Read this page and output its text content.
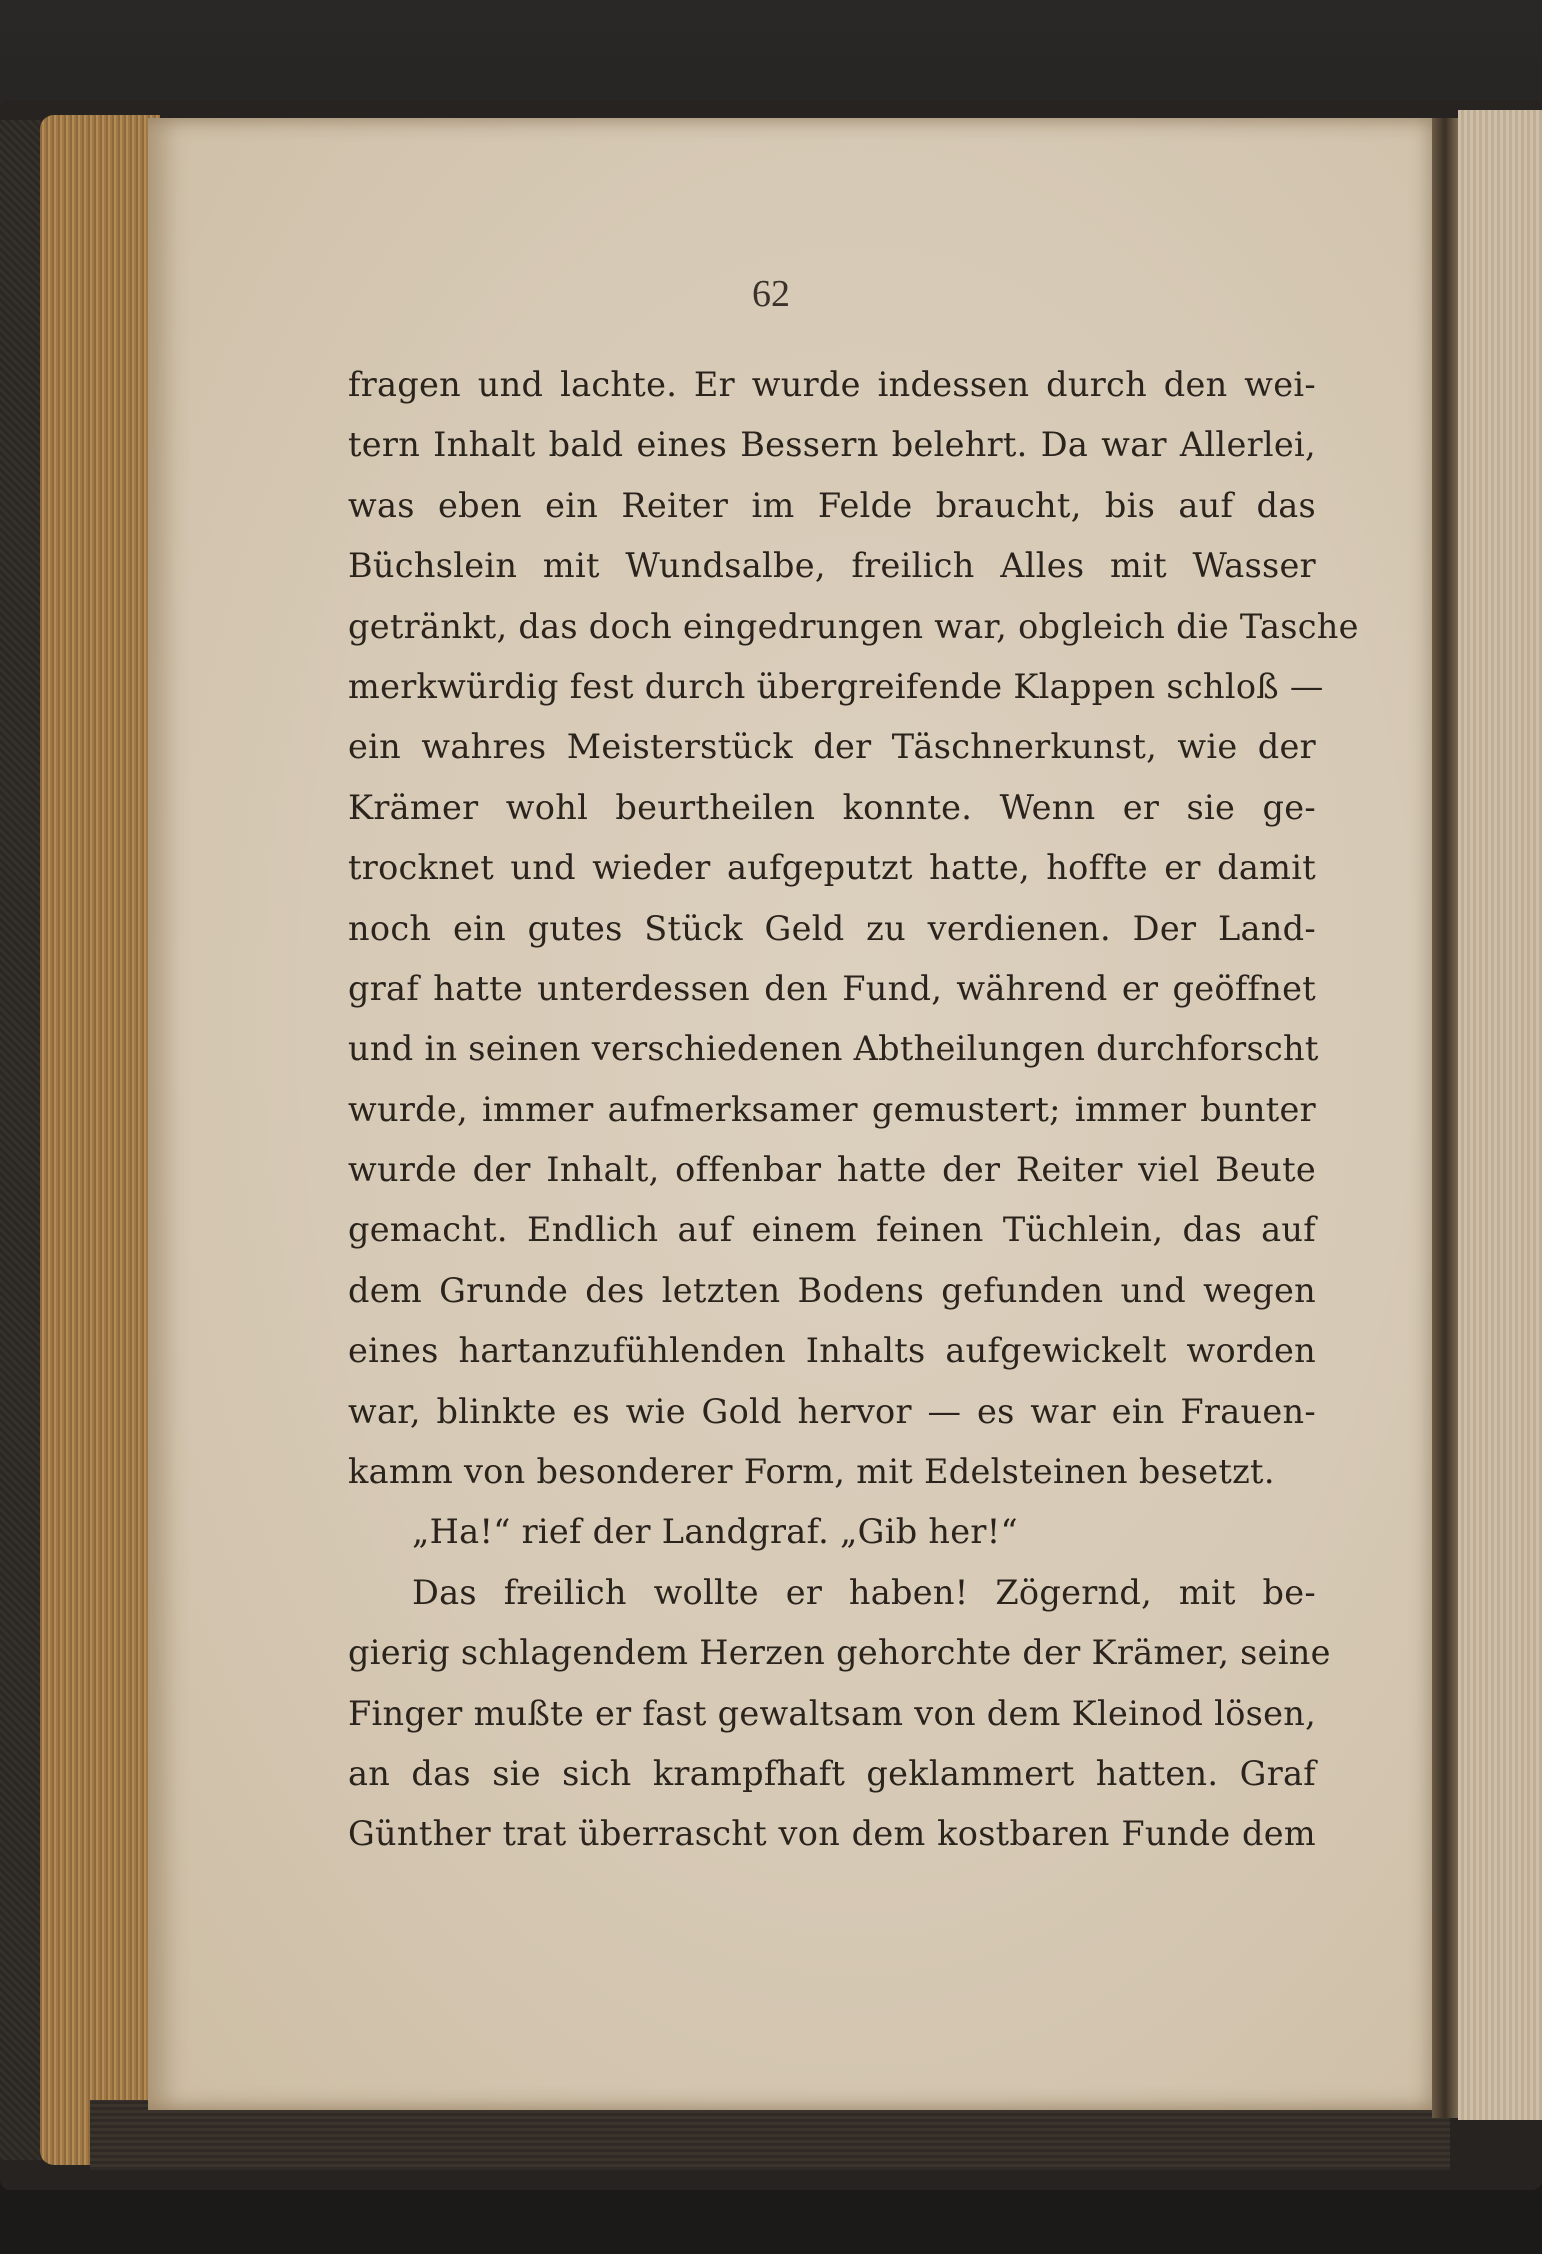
62
fragen und lachte. Er wurde indessen durch den wei-
tern Inhalt bald eines Bessern belehrt. Da war Allerlei,
was eben ein Reiter im Felde braucht, bis auf das
Büchslein mit Wundsalbe, freilich Alles mit Wasser
getränkt, das doch eingedrungen war, obgleich die Tasche
merkwürdig fest durch übergreifende Klappen schloß —
ein wahres Meisterstück der Täschnerkunst, wie der
Krämer wohl beurtheilen konnte. Wenn er sie ge-
trocknet und wieder aufgeputzt hatte, hoffte er damit
noch ein gutes Stück Geld zu verdienen. Der Land-
graf hatte unterdessen den Fund, während er geöffnet
und in seinen verschiedenen Abtheilungen durchforscht
wurde, immer aufmerksamer gemustert; immer bunter
wurde der Inhalt, offenbar hatte der Reiter viel Beute
gemacht. Endlich auf einem feinen Tüchlein, das auf
dem Grunde des letzten Bodens gefunden und wegen
eines hartanzufühlenden Inhalts aufgewickelt worden
war, blinkte es wie Gold hervor — es war ein Frauen-
kamm von besonderer Form, mit Edelsteinen besetzt.
„Ha!“ rief der Landgraf. „Gib her!“
Das freilich wollte er haben! Zögernd, mit be-
gierig schlagendem Herzen gehorchte der Krämer, seine
Finger mußte er fast gewaltsam von dem Kleinod lösen,
an das sie sich krampfhaft geklammert hatten. Graf
Günther trat überrascht von dem kostbaren Funde dem
